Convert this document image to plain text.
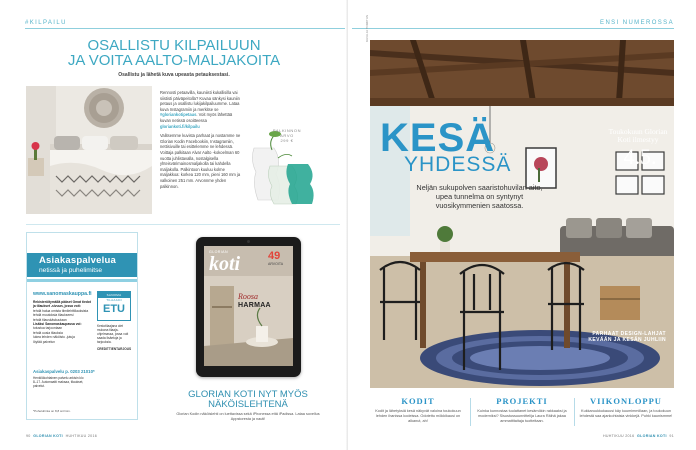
#KILPAILU
OSALLISTU KILPAILUUN
JA VOITA AALTO-MALJAKOITA
Osallistu ja lähetä kuva upeasta petauksestasi.

Rennosti petaavilla, kauniisti kukallisilla vai siististi päiväpeitolla? Kuvaa sänkysi kauniin petaus ja osallistu lukijakilpailuumme. Lataa kuva Instagramiin ja merkitse se #gloriankotipetaus. Voit myös lähettää kuvan netissä osoitteessa gloriankoti.fi/kilpailu

Valitsemme kuvista parhaat ja nostamme ne Glorian Kodin Facebookiin, Instagramiin, nettisivuille tai esittelemme ne lehdessä. Voittaja palkitaan Alvar Aalto -kokoelman 60 vuotta juhlistavalla, nostalgisella yhteisvärimainosmaljakolla tai kahdella maljakolla. Palkintoon kuuluu kolme maljakkoa: korkea 120 mm, pieni 160 mm ja valkoinen 251 mm. Arvonnme yhden palkinnon.

PALKINNON
ARVO
299 €
Asiakaspalvelua
netissä ja puhelimitse
www.sanomaskauppa.fi
Rekisteröitymällä pääset Omat tiedot ja tilaukset -sivuun, jossa voit:
tehdä halua omista tiimilehtitilauksista
tehdä muutoksia tilaukseesi
tehdä tilauskäskuutaan
Lisäksi Sanomaskaupassa voi:
tutustua tarjoontaan
tehdä uusia tilauksia
lukea lehden näköistu -jutuja
löytää palvelun
Asiakaspalvelu p. 0203 21010*
Henkilökohtainen palvelu arkisin klo 8–17. Automaatti maksaa, tilaukset, palvelut.
*Puheluhinta on 8,8 snt/min.
SANOMA
TILAAJAN
ETU
Kestotilaajana olet mukana tilaaja-ohjelmassa, jossa voit saada lisäetuja ja tarjouksia.
CREDITTIENTARJOUS
GLORIAN
koti	49
ARVOITA
Roosa
HARMAA
GLORIAN KOTI NYT MYÖS
NÄKÖISLEHTENÄ
Glorian Kodin näköislehti on luettavissa sekä iPhonessa että iPadissa. Lataa sovellus Appstoresta ja nauti!
90 GLORIAN KOTI HUHTIKUU 2016
ENSI NUMEROSSA
KUVA JA TOIMITUS
KESÄ
YHDESSÄ
Neljän sukupolven saaristohuvilan aito, upea tunnelma on syntynyt vuosikymmenien saatossa.
Toukokuun Glorian Koti ilmestyy
4.5.
PARHAAT DESIGN-LAHJAT
KEVÄÄN JA KESÄN JUHLIIN
KODIT
Kodit ja lähetyksiä kesä näkyvät valoina toukokuun lehden ihanissa kodeissa. Odotettu mökkikausi on alkanut, ah!
PROJEKTI
Kuinka kunnostaa tuulattanet kesämökin rakkaaksi ja moderniksi? Sisustussuunnittelija Laura Räihä jakaa ammattitaitaja tuotteitaan.
VIIKONLOPPU
Kukkaruukkukauusi käy kuumimmillaan, ja toukokuun lehdestä saa ajankohtaisia vinkkejä. Puhki kaunismme!
HUHTIKUU 2016 GLORIAN KOTI 91
